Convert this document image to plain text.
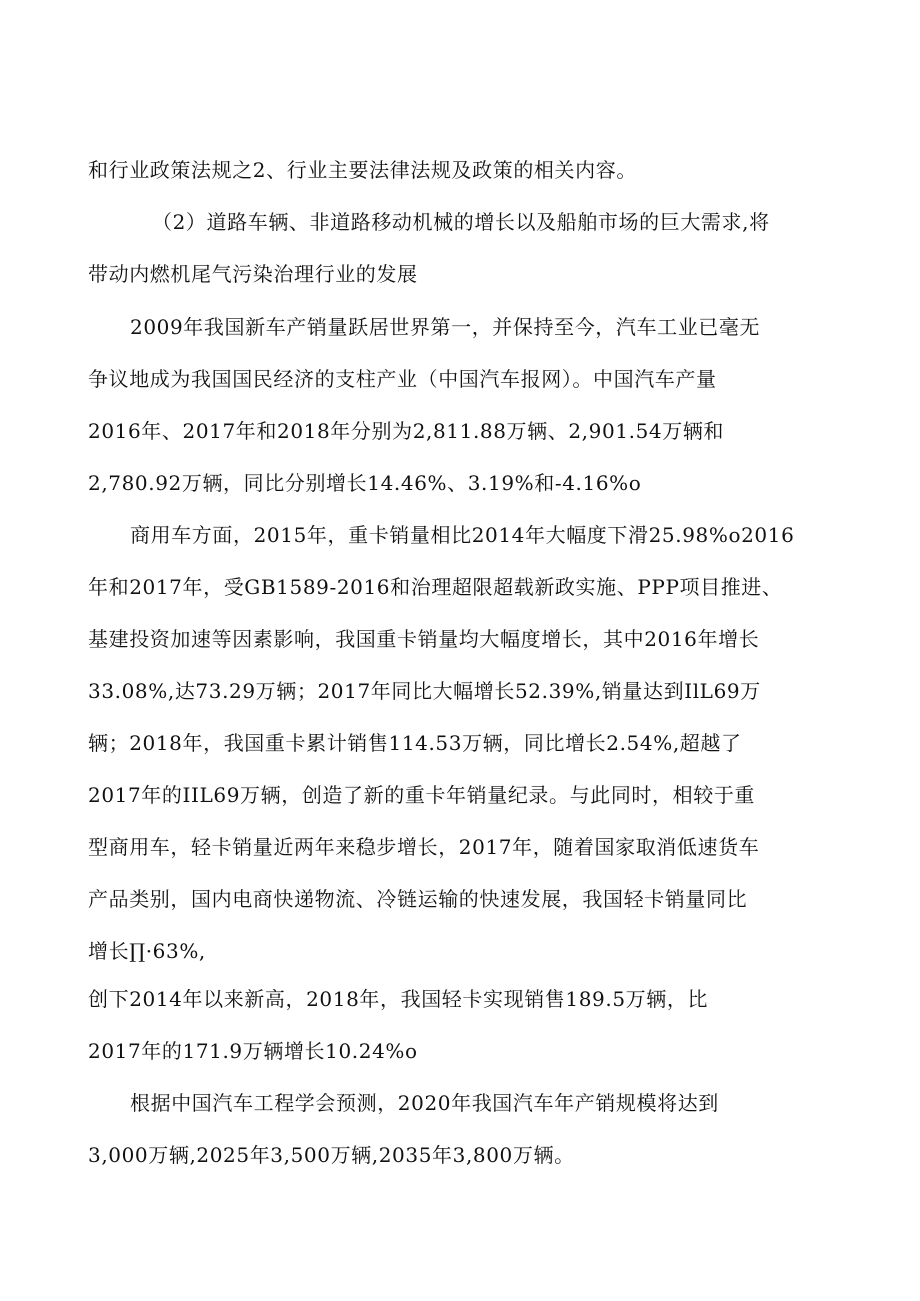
和行业政策法规之2、行业主要法律法规及政策的相关内容。
（2）道路车辆、非道路移动机械的增长以及船舶市场的巨大需求,将
带动内燃机尾气污染治理行业的发展
2009年我国新车产销量跃居世界第一，并保持至今，汽车工业已毫无
争议地成为我国国民经济的支柱产业（中国汽车报网）。中国汽车产量
2016年、2017年和2018年分别为2,811.88万辆、2,901.54万辆和
2,780.92万辆，同比分别增长14.46%、3.19%和-4.16%o
商用车方面，2015年，重卡销量相比2014年大幅度下滑25.98%o2016
年和2017年，受GB1589-2016和治理超限超载新政实施、PPP项目推进、
基建投资加速等因素影响，我国重卡销量均大幅度增长，其中2016年增长
33.08%,达73.29万辆；2017年同比大幅增长52.39%,销量达到IlL69万
辆；2018年，我国重卡累计销售114.53万辆，同比增长2.54%,超越了
2017年的IIL69万辆，创造了新的重卡年销量纪录。与此同时，相较于重
型商用车，轻卡销量近两年来稳步增长，2017年，随着国家取消低速货车
产品类别，国内电商快递物流、冷链运输的快速发展，我国轻卡销量同比
增长∏·63%,
创下2014年以来新高，2018年，我国轻卡实现销售189.5万辆，比
2017年的171.9万辆增长10.24%o
根据中国汽车工程学会预测，2020年我国汽车年产销规模将达到
3,000万辆,2025年3,500万辆,2035年3,800万辆。
